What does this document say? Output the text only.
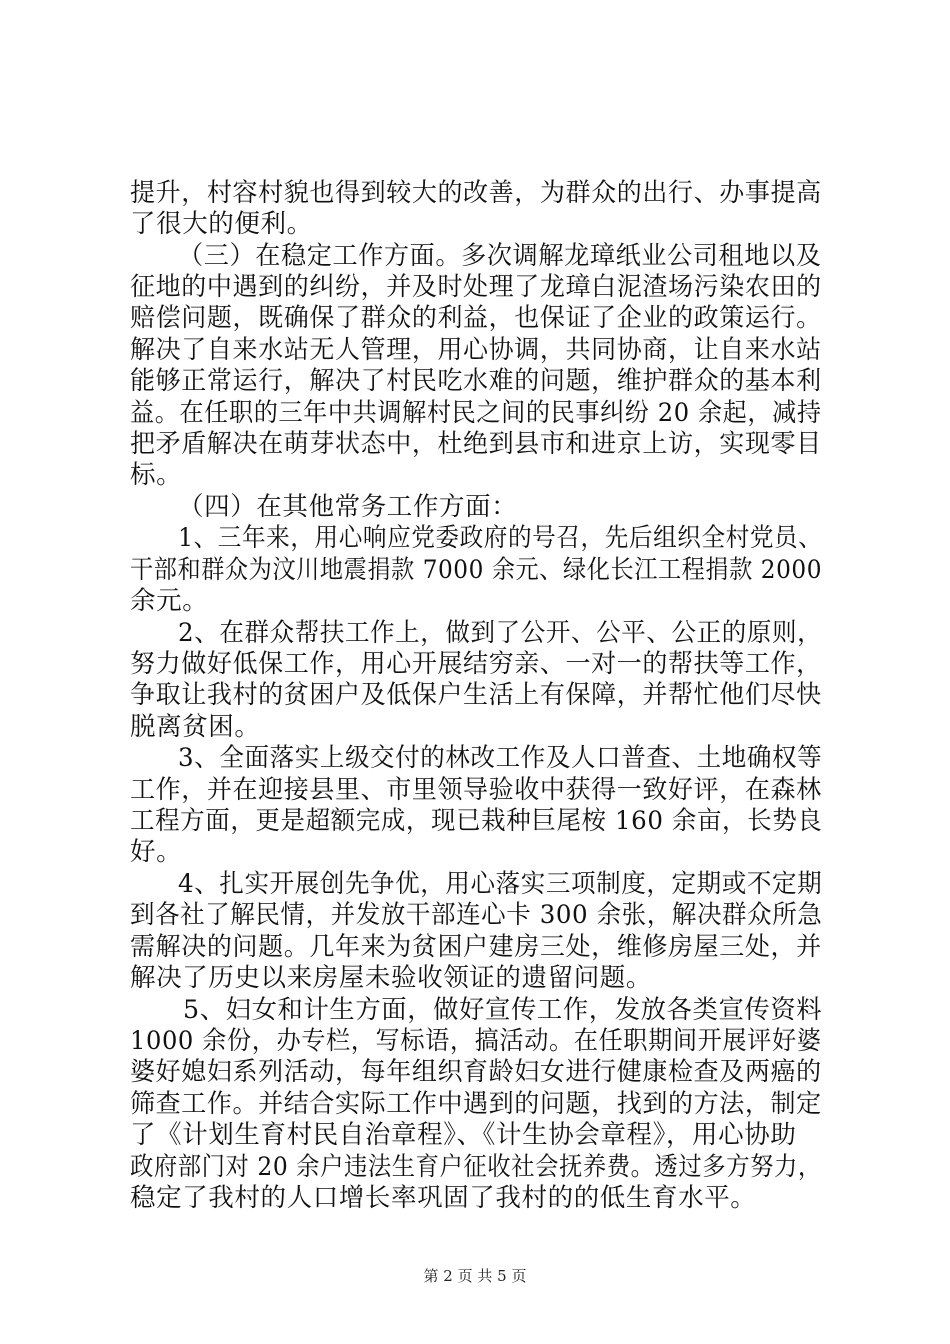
提升，村容村貌也得到较大的改善，为群众的出行、办事提高
了很大的便利。
（三）在稳定工作方面。多次调解龙璋纸业公司租地以及
征地的中遇到的纠纷，并及时处理了龙璋白泥渣场污染农田的
赔偿问题，既确保了群众的利益，也保证了企业的政策运行。
解决了自来水站无人管理，用心协调，共同协商，让自来水站
能够正常运行，解决了村民吃水难的问题，维护群众的基本利
益。在任职的三年中共调解村民之间的民事纠纷 20 余起，减持
把矛盾解决在萌芽状态中，杜绝到县市和进京上访，实现零目
标。
（四）在其他常务工作方面：
1、三年来，用心响应党委政府的号召，先后组织全村党员、
干部和群众为汶川地震捐款 7000 余元、绿化长江工程捐款 2000
余元。
2、在群众帮扶工作上，做到了公开、公平、公正的原则，
努力做好低保工作，用心开展结穷亲、一对一的帮扶等工作，
争取让我村的贫困户及低保户生活上有保障，并帮忙他们尽快
脱离贫困。
3、全面落实上级交付的林改工作及人口普查、土地确权等
工作，并在迎接县里、市里领导验收中获得一致好评，在森林
工程方面，更是超额完成，现已栽种巨尾桉 160 余亩，长势良
好。
4、扎实开展创先争优，用心落实三项制度，定期或不定期
到各社了解民情，并发放干部连心卡 300 余张，解决群众所急
需解决的问题。几年来为贫困户建房三处，维修房屋三处，并
解决了历史以来房屋未验收领证的遗留问题。
5、妇女和计生方面，做好宣传工作，发放各类宣传资料
1000 余份，办专栏，写标语，搞活动。在任职期间开展评好婆
婆好媳妇系列活动，每年组织育龄妇女进行健康检查及两癌的
筛查工作。并结合实际工作中遇到的问题，找到的方法，制定
了《计划生育村民自治章程》、《计生协会章程》，用心协助
政府部门对 20 余户违法生育户征收社会抚养费。透过多方努力，
稳定了我村的人口增长率巩固了我村的的低生育水平。
第 2 页 共 5 页
